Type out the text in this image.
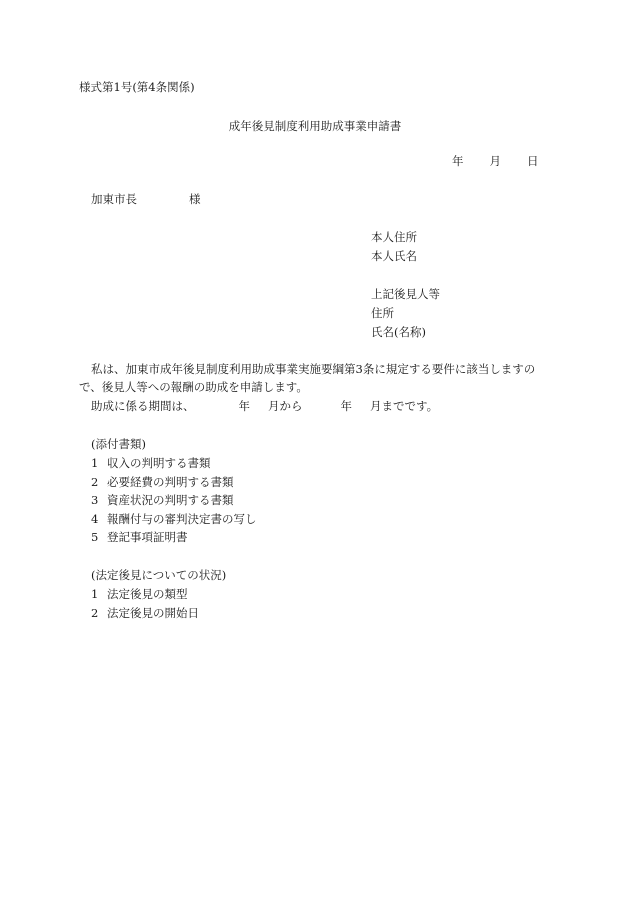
様式第1号(第4条関係)
成年後見制度利用助成事業申請書
年 月 日
加東市長	様
本人住所
本人氏名
上記後見人等
住所
氏名(名称)
私は、加東市成年後見制度利用助成事業実施要綱第3条に規定する要件に該当しますの
で、後見人等への報酬の助成を申請します。
助成に係る期間は、	年 月から	年 月までです。
(添付書類)
1 収入の判明する書類
2 必要経費の判明する書類
3 資産状況の判明する書類
4 報酬付与の審判決定書の写し
5 登記事項証明書
(法定後見についての状況)
1 法定後見の類型
2 法定後見の開始日
